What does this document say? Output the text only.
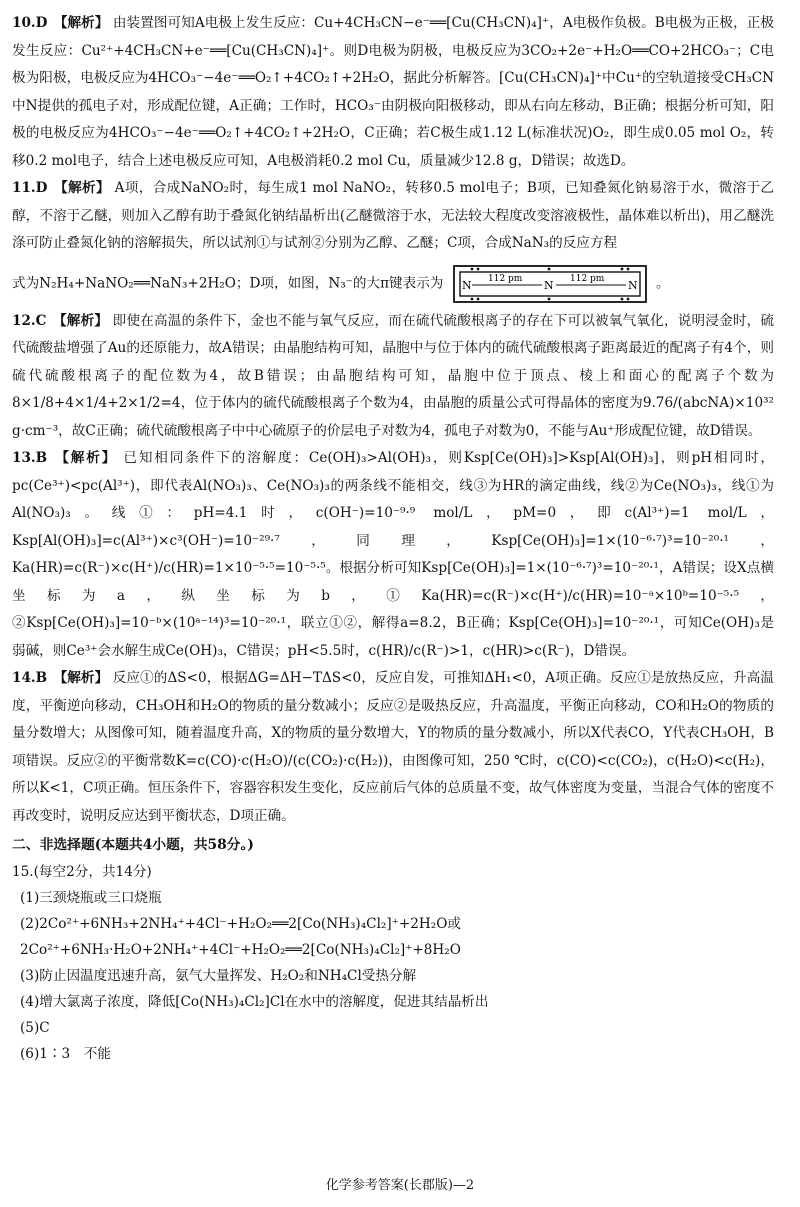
10.D 【解析】 由装置图可知A电极上发生反应：Cu+4CH₃CN−e⁻══[Cu(CH₃CN)₄]⁺，A电极作负极。B电极为正极，正极发生反应：Cu²⁺+4CH₃CN+e⁻══[Cu(CH₃CN)₄]⁺。则D电极为阴极，电极反应为3CO₂+2e⁻+H₂O══CO+2HCO₃⁻；C电极为阳极，电极反应为4HCO₃⁻−4e⁻══O₂↑+4CO₂↑+2H₂O，据此分析解答。[Cu(CH₃CN)₄]⁺中Cu⁺的空轨道接受CH₃CN中N提供的孤电子对，形成配位键，A正确；工作时，HCO₃⁻由阴极向阳极移动，即从右向左移动，B正确；根据分析可知，阳极的电极反应为4HCO₃⁻−4e⁻══O₂↑+4CO₂↑+2H₂O，C正确；若C极生成1.12 L(标准状况)O₂，即生成0.05 mol O₂，转移0.2 mol电子，结合上述电极反应可知，A电极消耗0.2 mol Cu，质量减少12.8 g，D错误；故选D。
11.D 【解析】 A项，合成NaNO₂时，每生成1 mol NaNO₂，转移0.5 mol电子；B项，已知叠氮化钠易溶于水，微溶于乙醇，不溶于乙醚，则加入乙醇有助于叠氮化钠结晶析出(乙醚微溶于水，无法较大程度改变溶液极性，晶体难以析出)，用乙醚洗涤可防止叠氮化钠的溶解损失，所以试剂①与试剂②分别为乙醇、乙醚；C项，合成NaN₃的反应方程
式为N₂H₄+NaNO₂══NaN₃+2H₂O；D项，如图，N₃⁻的大π键表示为 N	N	N
112 pm	112 pm	。
12.C 【解析】 即使在高温的条件下，金也不能与氧气反应，而在硫代硫酸根离子的存在下可以被氧气氧化，说明浸金时，硫代硫酸盐增强了Au的还原能力，故A错误；由晶胞结构可知，晶胞中与位于体内的硫代硫酸根离子距离最近的配离子有4个，则硫代硫酸根离子的配位数为4，故B错误；由晶胞结构可知，晶胞中位于顶点、棱上和面心的配离子个数为8×1/8+4×1/4+2×1/2=4，位于体内的硫代硫酸根离子个数为4，由晶胞的质量公式可得晶体的密度为9.76/(abcNA)×10³² g·cm⁻³，故C正确；硫代硫酸根离子中中心硫原子的价层电子对数为4，孤电子对数为0，不能与Au⁺形成配位键，故D错误。
13.B 【解析】 已知相同条件下的溶解度：Ce(OH)₃>Al(OH)₃，则Ksp[Ce(OH)₃]>Ksp[Al(OH)₃]，则pH相同时，pc(Ce³⁺)<pc(Al³⁺)，即代表Al(NO₃)₃、Ce(NO₃)₃的两条线不能相交，线③为HR的滴定曲线，线②为Ce(NO₃)₃，线①为Al(NO₃)₃。线①：pH=4.1时，c(OH⁻)=10⁻⁹·⁹ mol/L，pM=0，即c(Al³⁺)=1 mol/L，Ksp[Al(OH)₃]=c(Al³⁺)×c³(OH⁻)=10⁻²⁹·⁷，同理，Ksp[Ce(OH)₃]=1×(10⁻⁶·⁷)³=10⁻²⁰·¹，Ka(HR)=c(R⁻)×c(H⁺)/c(HR)=1×10⁻⁵·⁵=10⁻⁵·⁵。根据分析可知Ksp[Ce(OH)₃]=1×(10⁻⁶·⁷)³=10⁻²⁰·¹，A错误；设X点横坐标为a，纵坐标为b，①Ka(HR)=c(R⁻)×c(H⁺)/c(HR)=10⁻ᵃ×10ᵇ=10⁻⁵·⁵，②Ksp[Ce(OH)₃]=10⁻ᵇ×(10ᵃ⁻¹⁴)³=10⁻²⁰·¹，联立①②，解得a=8.2，B正确；Ksp[Ce(OH)₃]=10⁻²⁰·¹，可知Ce(OH)₃是弱碱，则Ce³⁺会水解生成Ce(OH)₃，C错误；pH<5.5时，c(HR)/c(R⁻)>1，c(HR)>c(R⁻)，D错误。
14.B 【解析】 反应①的ΔS<0，根据ΔG=ΔH−TΔS<0，反应自发，可推知ΔH₁<0，A项正确。反应①是放热反应，升高温度，平衡逆向移动，CH₃OH和H₂O的物质的量分数减小；反应②是吸热反应，升高温度，平衡正向移动，CO和H₂O的物质的量分数增大；从图像可知，随着温度升高，X的物质的量分数增大，Y的物质的量分数减小，所以X代表CO，Y代表CH₃OH，B项错误。反应②的平衡常数K=c(CO)·c(H₂O)/(c(CO₂)·c(H₂))，由图像可知，250 ℃时，c(CO)<c(CO₂)，c(H₂O)<c(H₂)，所以K<1，C项正确。恒压条件下，容器容积发生变化，反应前后气体的总质量不变，故气体密度为变量，当混合气体的密度不再改变时，说明反应达到平衡状态，D项正确。
二、非选择题(本题共4小题，共58分。)
15.(每空2分，共14分)
(1)三颈烧瓶或三口烧瓶
(2)2Co²⁺+6NH₃+2NH₄⁺+4Cl⁻+H₂O₂══2[Co(NH₃)₄Cl₂]⁺+2H₂O或2Co²⁺+6NH₃·H₂O+2NH₄⁺+4Cl⁻+H₂O₂══2[Co(NH₃)₄Cl₂]⁺+8H₂O
(3)防止因温度迅速升高，氨气大量挥发、H₂O₂和NH₄Cl受热分解
(4)增大氯离子浓度，降低[Co(NH₃)₄Cl₂]Cl在水中的溶解度，促进其结晶析出
(5)C
(6)1∶3　不能
化学参考答案(长郡版)—2
